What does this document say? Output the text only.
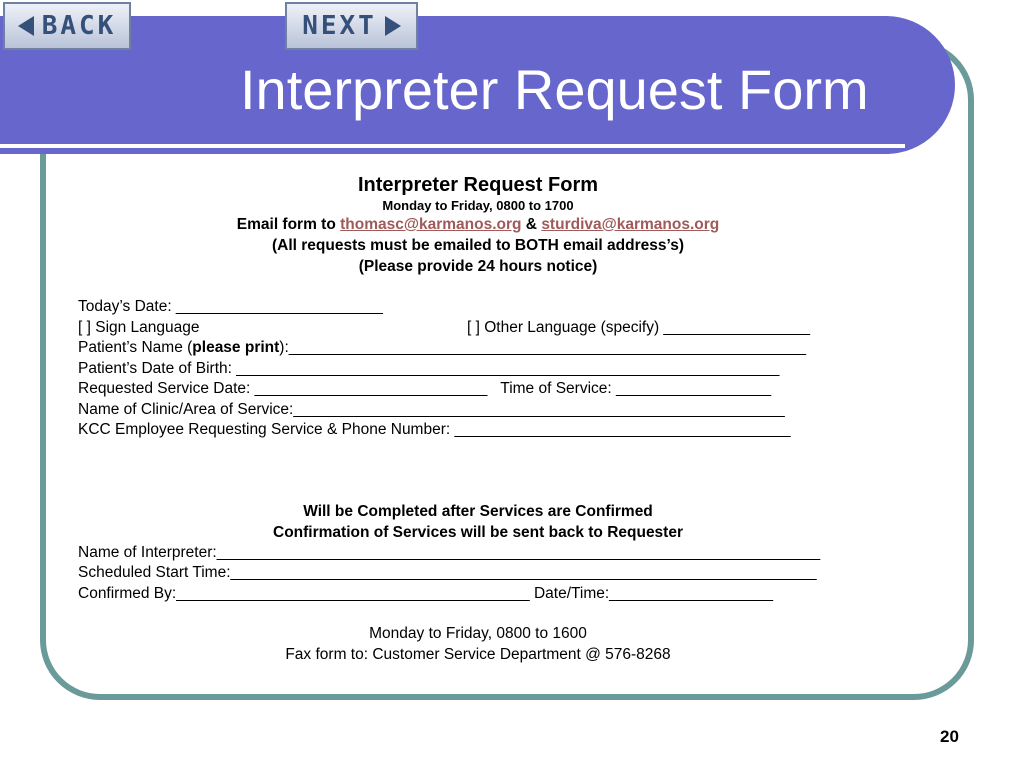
Interpreter Request Form
BACK	NEXT
Interpreter Request Form
Monday to Friday, 0800 to 1700
Email form to thomasc@karmanos.org & sturdiva@karmanos.org
(All requests must be emailed to BOTH email address’s)
(Please provide 24 hours notice)
Today’s Date: ________________________
[ ] Sign Language	[ ] Other Language (specify) _________________
Patient’s Name (please print):____________________________________________________________
Patient’s Date of Birth: _______________________________________________________________
Requested Service Date: ___________________________ Time of Service: __________________
Name of Clinic/Area of Service:_________________________________________________________
KCC Employee Requesting Service & Phone Number: _______________________________________
Will be Completed after Services are Confirmed
Confirmation of Services will be sent back to Requester
Name of Interpreter:______________________________________________________________________
Scheduled Start Time:____________________________________________________________________
Confirmed By:_________________________________________ Date/Time:___________________
Monday to Friday, 0800 to 1600
Fax form to: Customer Service Department @ 576-8268
20
